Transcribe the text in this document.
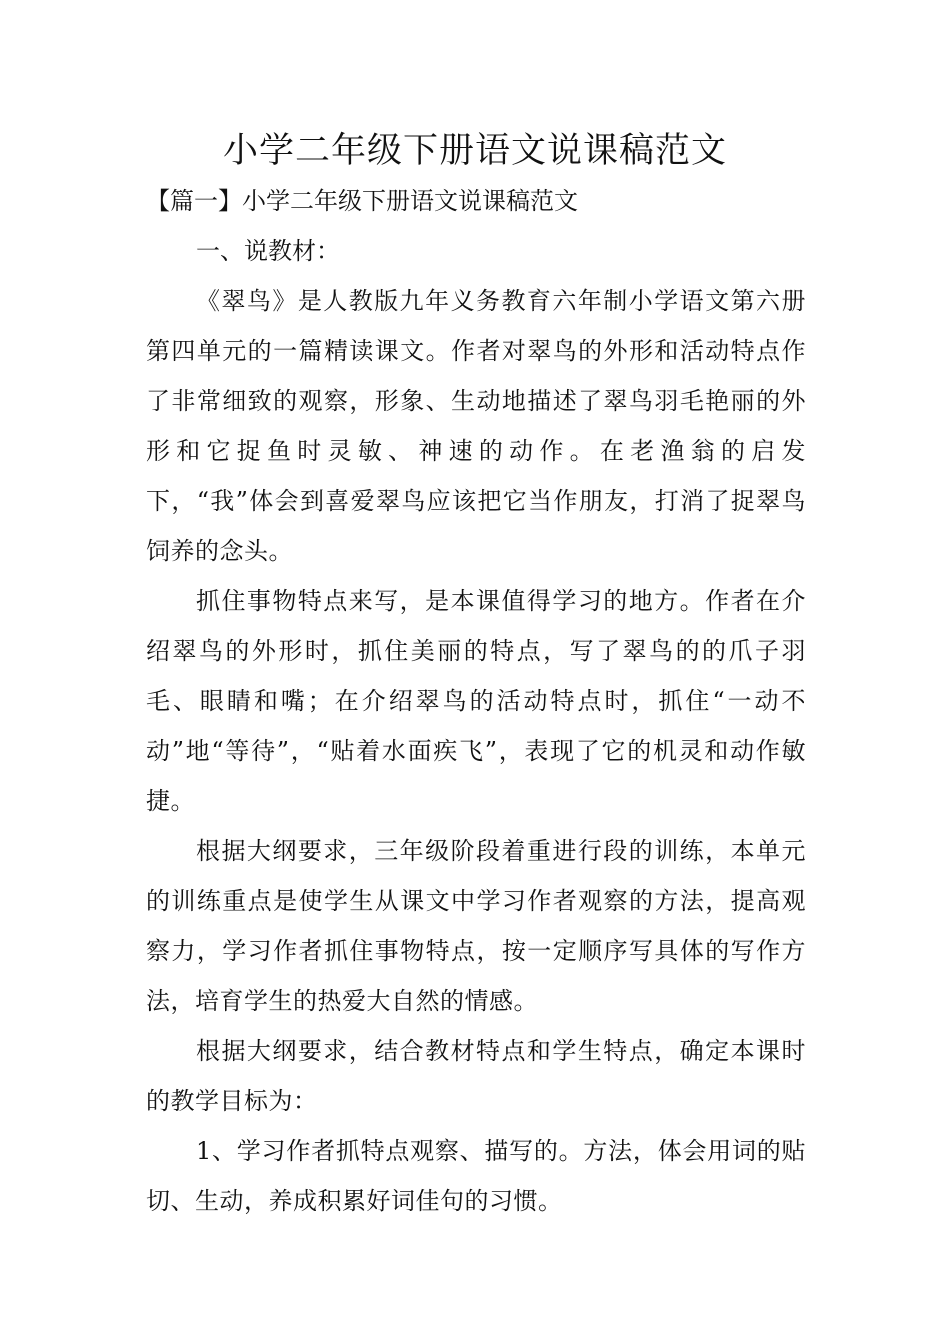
小学二年级下册语文说课稿范文

【篇一】小学二年级下册语文说课稿范文

一、说教材：

《翠鸟》是人教版九年义务教育六年制小学语文第六册第四单元的一篇精读课文。作者对翠鸟的外形和活动特点作了非常细致的观察，形象、生动地描述了翠鸟羽毛艳丽的外形和它捉鱼时灵敏、神速的动作。在老渔翁的启发下，“我”体会到喜爱翠鸟应该把它当作朋友，打消了捉翠鸟饲养的念头。

抓住事物特点来写，是本课值得学习的地方。作者在介绍翠鸟的外形时，抓住美丽的特点，写了翠鸟的的爪子羽毛、眼睛和嘴；在介绍翠鸟的活动特点时，抓住“一动不动”地“等待”，“贴着水面疾飞”，表现了它的机灵和动作敏捷。

根据大纲要求，三年级阶段着重进行段的训练，本单元的训练重点是使学生从课文中学习作者观察的方法，提高观察力，学习作者抓住事物特点，按一定顺序写具体的写作方法，培育学生的热爱大自然的情感。

根据大纲要求，结合教材特点和学生特点，确定本课时的教学目标为：

1、学习作者抓特点观察、描写的。方法，体会用词的贴切、生动，养成积累好词佳句的习惯。
